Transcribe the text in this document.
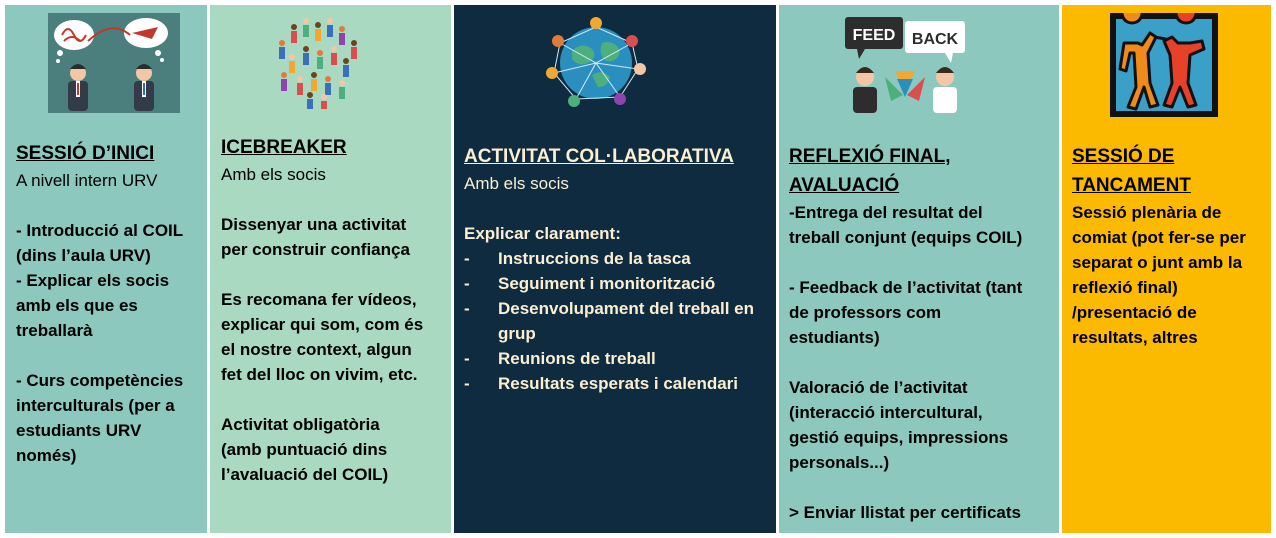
SESSIÓ D’INICI
A nivell intern URV
- Introducció al COIL
(dins l’aula URV)
- Explicar els socis
amb els que es
treballarà
- Curs competències
interculturals (per a
estudiants URV
només)
ICEBREAKER
Amb els socis
Dissenyar una activitat
per construir confiança
Es recomana fer vídeos,
explicar qui som, com és
el nostre context, algun
fet del lloc on vivim, etc.
Activitat obligatòria
(amb puntuació dins
l’avaluació del COIL)
ACTIVITAT COL·LABORATIVA
Amb els socis
Explicar clarament:
- Instruccions de la tasca
- Seguiment i monitorització
- Desenvolupament del treball en grup
- Reunions de treball
- Resultats esperats i calendari
FEED BACK
REFLEXIÓ FINAL, AVALUACIÓ
-Entrega del resultat del
treball conjunt (equips COIL)
- Feedback de l’activitat (tant
de professors com
estudiants)
Valoració de l’activitat
(interacció intercultural,
gestió equips, impressions
personals...)
> Enviar llistat per certificats
SESSIÓ DE TANCAMENT
Sessió plenària de
comiat (pot fer-se per
separat o junt amb la
reflexió final)
/presentació de
resultats, altres
